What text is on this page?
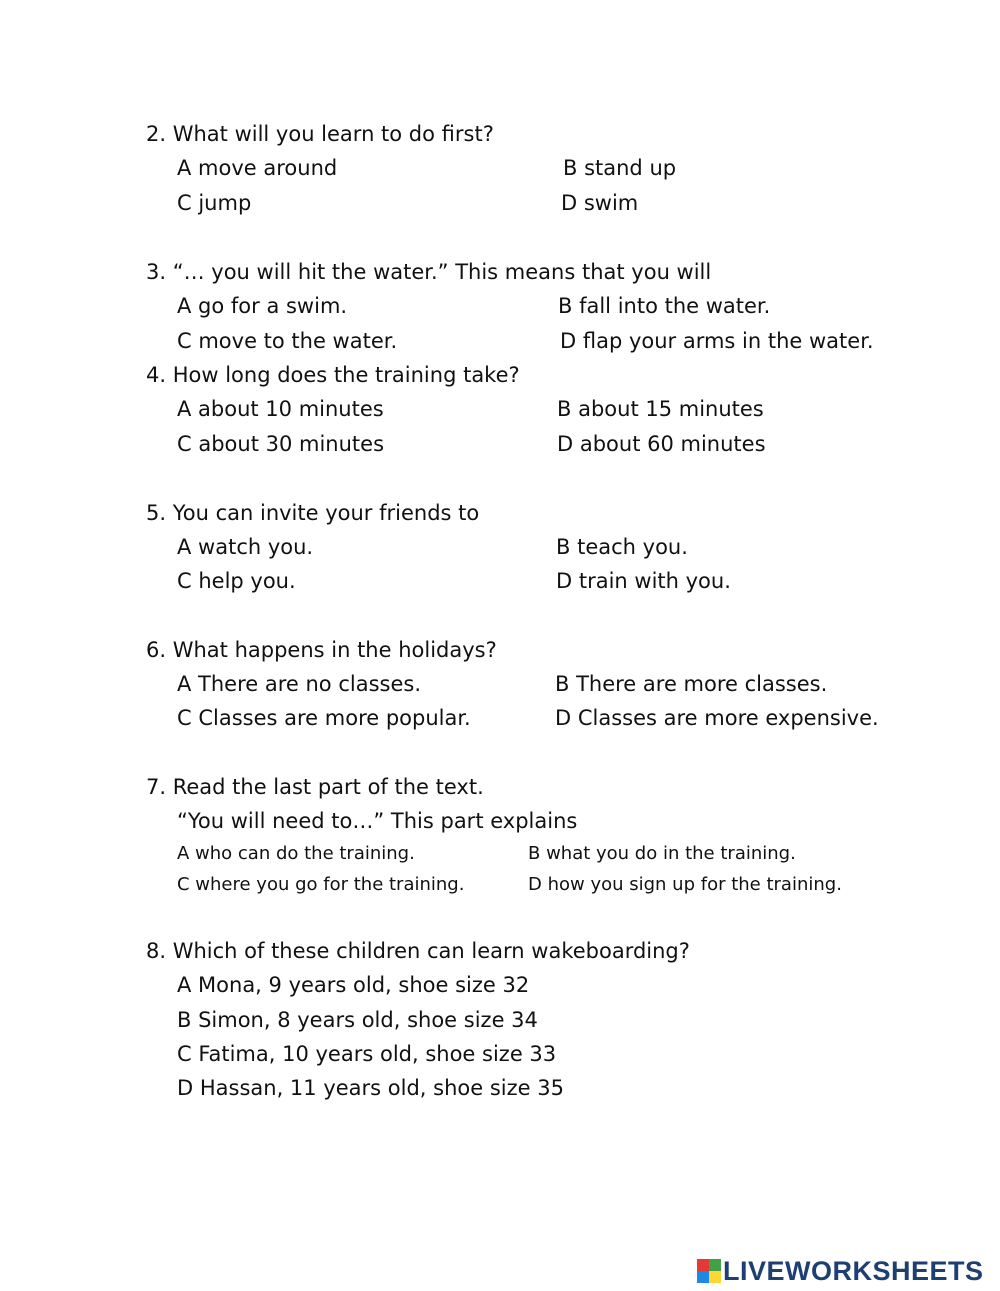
2. What will you learn to do first?
A move around	B stand up
C jump	D swim
3. “… you will hit the water.” This means that you will
A go for a swim.	B fall into the water.
C move to the water.	D flap your arms in the water.
4. How long does the training take?
A about 10 minutes	B about 15 minutes
C about 30 minutes	D about 60 minutes
5. You can invite your friends to
A watch you.	B teach you.
C help you.	D train with you.
6. What happens in the holidays?
A There are no classes.	B There are more classes.
C Classes are more popular.	D Classes are more expensive.
7. Read the last part of the text.
“You will need to…” This part explains
A who can do the training.	B what you do in the training.
C where you go for the training.	D how you sign up for the training.
8. Which of these children can learn wakeboarding?
A Mona, 9 years old, shoe size 32
B Simon, 8 years old, shoe size 34
C Fatima, 10 years old, shoe size 33
D Hassan, 11 years old, shoe size 35
LIVEWORKSHEETS
